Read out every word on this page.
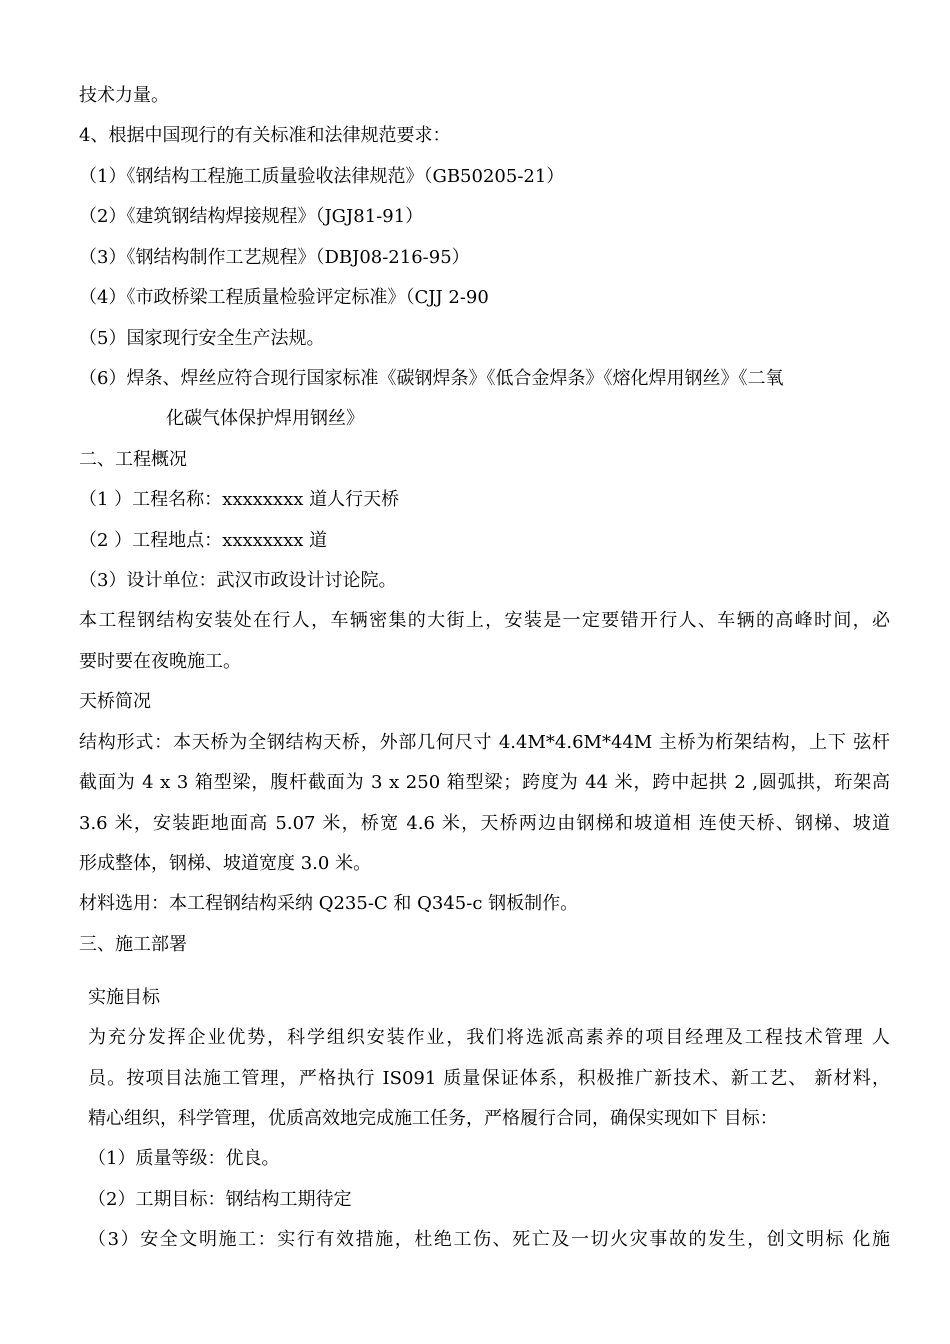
技术力量。
4、根据中国现行的有关标准和法律规范要求：
（1）《钢结构工程施工质量验收法律规范》（GB50205-21）
（2）《建筑钢结构焊接规程》（JGJ81-91）
（3）《钢结构制作工艺规程》（DBJ08-216-95）
（4）《市政桥梁工程质量检验评定标准》（CJJ 2-90
（5）国家现行安全生产法规。
（6）焊条、焊丝应符合现行国家标准《碳钢焊条》《低合金焊条》《熔化焊用钢丝》《二氧
化碳气体保护焊用钢丝》
二、工程概况
（1 ）工程名称：xxxxxxxx 道人行天桥
（2 ）工程地点：xxxxxxxx 道
（3）设计单位：武汉市政设计讨论院。
本工程钢结构安装处在行人，车辆密集的大街上，安装是一定要错开行人、车辆的高峰时间，必
要时要在夜晚施工。
天桥简况
结构形式：本天桥为全钢结构天桥，外部几何尺寸 4.4M*4.6M*44M 主桥为桁架结构，上下 弦杆
截面为 4 x 3 箱型梁，腹杆截面为 3 x 250 箱型梁；跨度为 44 米，跨中起拱 2 ,圆弧拱，珩架高
3.6 米，安装距地面高 5.07 米，桥宽 4.6 米，天桥两边由钢梯和坡道相 连使天桥、钢梯、坡道
形成整体，钢梯、坡道宽度 3.0 米。
材料选用：本工程钢结构采纳 Q235-C 和 Q345-c 钢板制作。
三、施工部署
实施目标
为充分发挥企业优势，科学组织安装作业，我们将选派高素养的项目经理及工程技术管理 人
员。按项目法施工管理，严格执行 IS091 质量保证体系，积极推广新技术、新工艺、 新材料，
精心组织，科学管理，优质高效地完成施工任务，严格履行合同，确保实现如下 目标：
（1）质量等级：优良。
（2）工期目标：钢结构工期待定
（3）安全文明施工：实行有效措施，杜绝工伤、死亡及一切火灾事故的发生，创文明标 化施
